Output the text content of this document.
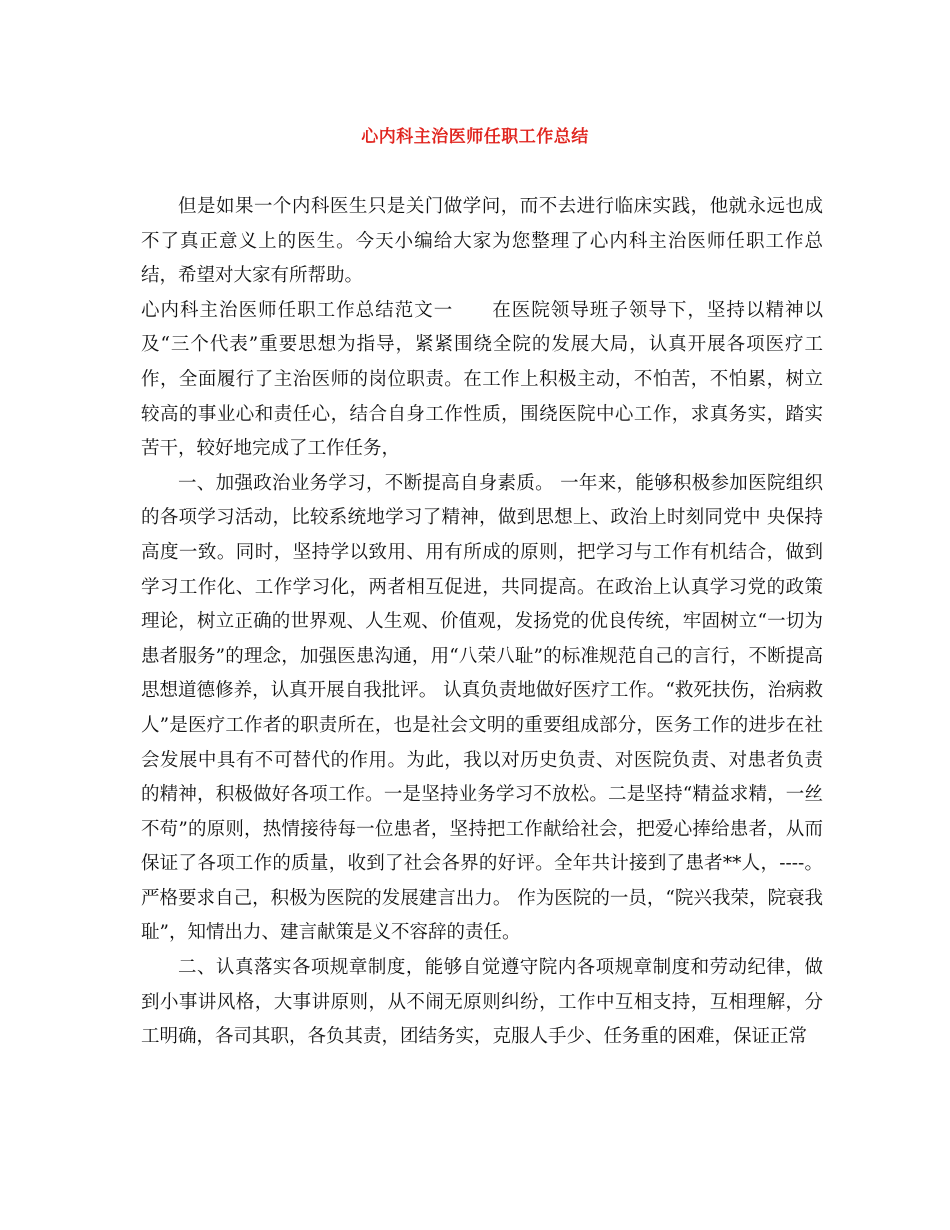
心内科主治医师任职工作总结

但是如果一个内科医生只是关门做学问，而不去进行临床实践，他就永远也成不了真正意义上的医生。今天小编给大家为您整理了心内科主治医师任职工作总结，希望对大家有所帮助。

心内科主治医师任职工作总结范文一　　在医院领导班子领导下，坚持以精神以及“三个代表”重要思想为指导，紧紧围绕全院的发展大局，认真开展各项医疗工作，全面履行了主治医师的岗位职责。在工作上积极主动，不怕苦，不怕累，树立较高的事业心和责任心，结合自身工作性质，围绕医院中心工作，求真务实，踏实苦干，较好地完成了工作任务，

一、加强政治业务学习，不断提高自身素质。 一年来，能够积极参加医院组织的各项学习活动，比较系统地学习了精神，做到思想上、政治上时刻同党中 央保持高度一致。同时，坚持学以致用、用有所成的原则，把学习与工作有机结合，做到学习工作化、工作学习化，两者相互促进，共同提高。在政治上认真学习党的政策理论，树立正确的世界观、人生观、价值观，发扬党的优良传统，牢固树立“一切为患者服务”的理念，加强医患沟通，用“八荣八耻”的标准规范自己的言行，不断提高思想道德修养，认真开展自我批评。 认真负责地做好医疗工作。“救死扶伤，治病救人”是医疗工作者的职责所在，也是社会文明的重要组成部分，医务工作的进步在社会发展中具有不可替代的作用。为此，我以对历史负责、对医院负责、对患者负责的精神，积极做好各项工作。一是坚持业务学习不放松。二是坚持“精益求精，一丝不苟”的原则，热情接待每一位患者，坚持把工作献给社会，把爱心捧给患者，从而保证了各项工作的质量，收到了社会各界的好评。全年共计接到了患者**人，----。 严格要求自己，积极为医院的发展建言出力。 作为医院的一员，“院兴我荣，院衰我耻”，知情出力、建言献策是义不容辞的责任。

二、认真落实各项规章制度，能够自觉遵守院内各项规章制度和劳动纪律，做到小事讲风格，大事讲原则，从不闹无原则纠纷，工作中互相支持，互相理解，分工明确，各司其职，各负其责，团结务实，克服人手少、任务重的困难，保证正常
